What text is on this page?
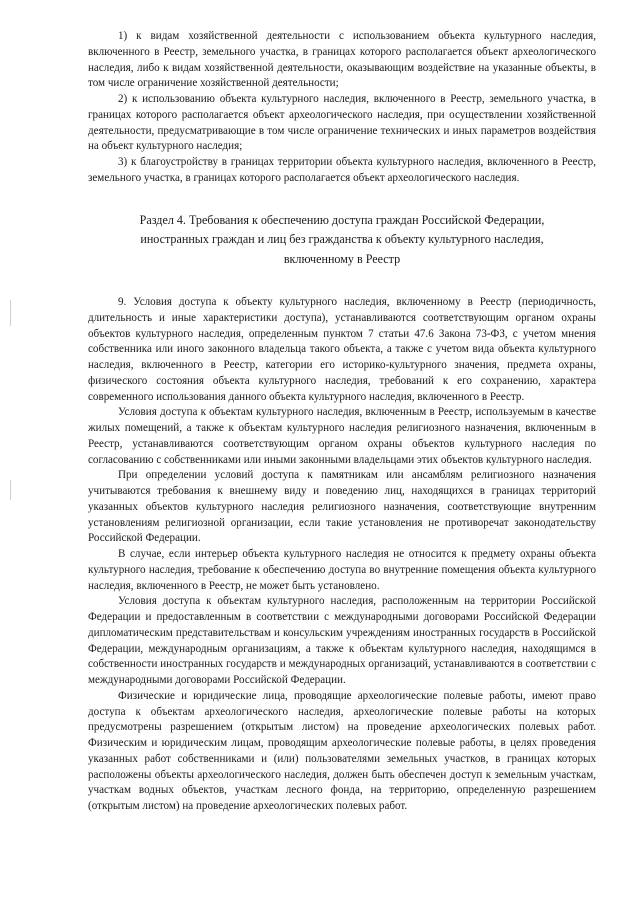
1) к видам хозяйственной деятельности с использованием объекта культурного наследия, включенного в Реестр, земельного участка, в границах которого располагается объект археологического наследия, либо к видам хозяйственной деятельности, оказывающим воздействие на указанные объекты, в том числе ограничение хозяйственной деятельности;

2) к использованию объекта культурного наследия, включенного в Реестр, земельного участка, в границах которого располагается объект археологического наследия, при осуществлении хозяйственной деятельности, предусматривающие в том числе ограничение технических и иных параметров воздействия на объект культурного наследия;

3) к благоустройству в границах территории объекта культурного наследия, включенного в Реестр, земельного участка, в границах которого располагается объект археологического наследия.

Раздел 4. Требования к обеспечению доступа граждан Российской Федерации,

иностранных граждан и лиц без гражданства к объекту культурного наследия,

включенному в Реестр

9. Условия доступа к объекту культурного наследия, включенному в Реестр (периодичность, длительность и иные характеристики доступа), устанавливаются соответствующим органом охраны объектов культурного наследия, определенным пунктом 7 статьи 47.6 Закона 73-ФЗ, с учетом мнения собственника или иного законного владельца такого объекта, а также с учетом вида объекта культурного наследия, включенного в Реестр, категории его историко-культурного значения, предмета охраны, физического состояния объекта культурного наследия, требований к его сохранению, характера современного использования данного объекта культурного наследия, включенного в Реестр.

Условия доступа к объектам культурного наследия, включенным в Реестр, используемым в качестве жилых помещений, а также к объектам культурного наследия религиозного назначения, включенным в Реестр, устанавливаются соответствующим органом охраны объектов культурного наследия по согласованию с собственниками или иными законными владельцами этих объектов культурного наследия.

При определении условий доступа к памятникам или ансамблям религиозного назначения учитываются требования к внешнему виду и поведению лиц, находящихся в границах территорий указанных объектов культурного наследия религиозного назначения, соответствующие внутренним установлениям религиозной организации, если такие установления не противоречат законодательству Российской Федерации.

В случае, если интерьер объекта культурного наследия не относится к предмету охраны объекта культурного наследия, требование к обеспечению доступа во внутренние помещения объекта культурного наследия, включенного в Реестр, не может быть установлено.

Условия доступа к объектам культурного наследия, расположенным на территории Российской Федерации и предоставленным в соответствии с международными договорами Российской Федерации дипломатическим представительствам и консульским учреждениям иностранных государств в Российской Федерации, международным организациям, а также к объектам культурного наследия, находящимся в собственности иностранных государств и международных организаций, устанавливаются в соответствии с международными договорами Российской Федерации.

Физические и юридические лица, проводящие археологические полевые работы, имеют право доступа к объектам археологического наследия, археологические полевые работы на которых предусмотрены разрешением (открытым листом) на проведение археологических полевых работ. Физическим и юридическим лицам, проводящим археологические полевые работы, в целях проведения указанных работ собственниками и (или) пользователями земельных участков, в границах которых расположены объекты археологического наследия, должен быть обеспечен доступ к земельным участкам, участкам водных объектов, участкам лесного фонда, на территорию, определенную разрешением (открытым листом) на проведение археологических полевых работ.
